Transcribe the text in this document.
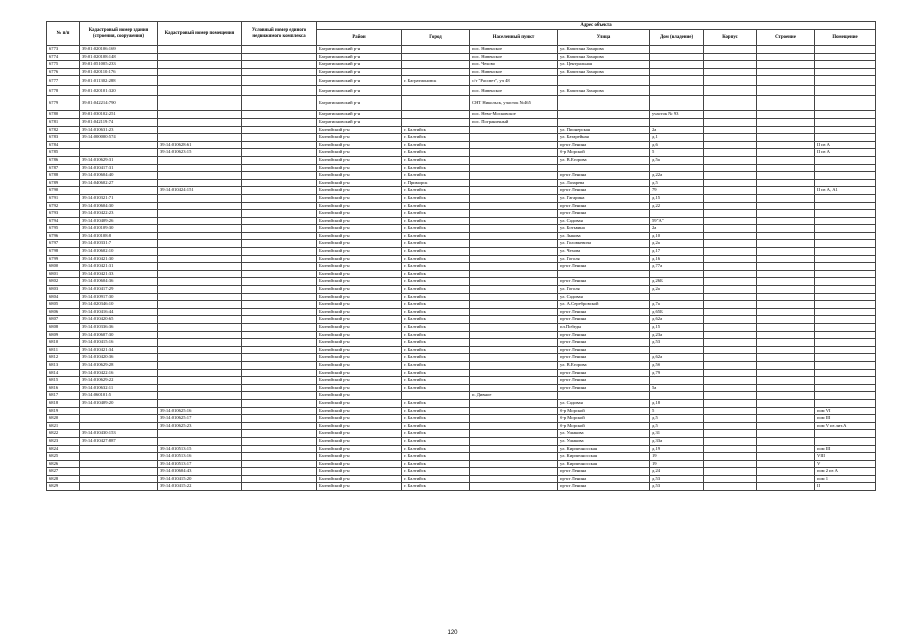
№ п/п	Кадастровый номер здания (строения, сооружения)	Кадастровый номер помещения	Условный номер единого недвижимого комплекса	Адрес объекта							
				Район	Город	Населенный пункт	Улица	Дом (владение)	Корпус	Строение	Помещение
6773	39:01:020106:169			Багратионовский р-н		пос. Нивенское	ул. Капитана Захарова				
6774	39:01:020108:148			Багратионовский р-н		пос. Нивенское	ул. Капитана Захарова				
6775	39:01:051005:233			Багратионовский р-н		пос. Чехово	ул. Центральная				
6776	39:01:020110:176			Багратионовский р-н		пос. Нивенское	ул. Капитана Захарова				
6777	39:01:011302:288			Багратионовский р-н	г. Багратионовск	с/т "Рассвет", уч 48					
6778	39:01:020101:320			Багратионовский р-н		пос. Нивенское	ул. Капитана Захарова				
6779	39:01:042214:790			Багратионовский р-н		СНТ Никольск, участок №465					
6780	39:01:030102:251			Багратионовский р-н		пос. Нево-Московское		участок № 93			
6781	39:01:042119:74			Багратионовский р-н		пос. Пограничный					
6782	39:14:010631:23			Балтийский р-н	г. Балтийск		ул. Пионерская	2а			
6783	39:14:000000:574			Балтийский р-н	г. Балтийск		ул. Батарейная	д.1			
6784		39:14:010628:61		Балтийский р-н	г. Балтийск		пр-кт Ленина	д.6			II из А
6785		39:14:010623:15		Балтийский р-н	г. Балтийск		б-р Морской	5			II из А
6786	39:14:010629:31			Балтийский р-н	г. Балтийск		ул. В.Егорова	д.5а			
6787	39:14:010417:31			Балтийский р-н	г. Балтийск						
6788	39:14:010604:40			Балтийский р-н	г. Балтийск		пр-кт Ленина	д.22а			
6789	39:14:040602:27			Балтийский р-н	г. Приморск		ул. Лазарева	д.5			
6790		39:14:010424:151		Балтийский р-н	г. Балтийск		пр-кт Ленина	79			II из А, А1
6791	39:14:010321:71			Балтийский р-н	г. Балтийск		ул. Гагарина	д.15			
6792	39:14:010604:30			Балтийский р-н	г. Балтийск		пр-кт Ленина	д.22			
6793	39:14:010422:23			Балтийский р-н	г. Балтийск		пр-кт Ленина				
6794	39:14:010409:26			Балтийский р-н	г. Балтийск		ул. Садовая	59"А"			
6795	39:14:010109:30			Балтийский р-н	г. Балтийск		ул. Ботьвина	2а			
6796	39:14:010108:8			Балтийский р-н	г. Балтийск		ул. Зыкова	д.10			
6797	39:14:010331:7			Балтийский р-н	г. Балтийск		ул. Головкевича	д.2а			
6798	39:14:010602:10			Балтийский р-н	г. Балтийск		ул. Чехова	д.17			
6799	39:14:010421:30			Балтийский р-н	г. Балтийск		ул. Гоголя	д.16			
6800	39:14:010421:31			Балтийский р-н	г. Балтийск		пр-кт Ленина	д.77а			
6801	39:14:010421:33			Балтийский р-н	г. Балтийск						
6802	39:14:010604:36			Балтийский р-н	г. Балтийск		пр-кт Ленина	д.26Б			
6803	39:14:010417:29			Балтийский р-н	г. Балтийск		ул. Гоголя	д.2а			
6804	39:14:010917:30			Балтийский р-н	г. Балтийск		ул. Садовая				
6805	39:14:020346:10			Балтийский р-н	г. Балтийск		ул. А.Серебровской	д.7а			
6806	39:14:010416:44			Балтийский р-н	г. Балтийск		пр-кт Ленина	д.65Б			
6807	39:14:010420:65			Балтийский р-н	г. Балтийск		пр-кт Ленина	д.62а			
6808	39:14:010336:36			Балтийский р-н	г. Балтийск		пл.Победы	д.15			
6809	39:14:010607:30			Балтийский р-н	г. Балтийск		пр-кт Ленина	д.23а			
6810	39:14:010415:16			Балтийский р-н	г. Балтийск		пр-кт Ленина	д.53			
6811	39:14:010421:34			Балтийский р-н	г. Балтийск		пр-кт Ленина				
6812	39:14:010420:36			Балтийский р-н	г. Балтийск		пр-кт Ленина	д.62а			
6813	39:14:010629:28			Балтийский р-н	г. Балтийск		ул. В.Егорова	д.5б			
6814	39:14:010422:16			Балтийский р-н	г. Балтийск		пр-кт Ленина	д.79			
6815	39:14:010629:22			Балтийский р-н	г. Балтийск		пр-кт Ленина				
6816	39:14:010632:11			Балтийский р-н	г. Балтийск		пр-кт Ленина	5а			
6817	39:14:060101:5			Балтийский р-н		п. Дивное					
6818	39:14:010409:20			Балтийский р-н	г. Балтийск		ул. Садовая	д.18			
6819		39:14:010625:16		Балтийский р-н	г. Балтийск		б-р Морской	5			пом VI
6820		39:14:010625:17		Балтийский р-н	г. Балтийск		б-р Морской	д.5			пом III
6821		39:14:010625:23		Балтийский р-н	г. Балтийск		б-р Морской	д.5			пом V из лит.А
6822	39:14:010430:153			Балтийский р-н	г. Балтийск		ул. Ушакова	д.31			
6823	39:14:010427:887			Балтийский р-н	г. Балтийск		ул. Ушакова	д.33а			
6824		39:14:010513:15		Балтийский р-н	г. Балтийск		ул. Кирпичносская	д.19			пом III
6825		39:14:010513:16		Балтийский р-н	г. Балтийск		ул. Кирпичносская	19			VIII
6826		39:14:010513:17		Балтийский р-н	г. Балтийск		ул. Кирпичносская	19			V
6827		39:14:010604:43		Балтийский р-н	г. Балтийск		пр-кт Ленина	д.24			пом 2 из А
6828		39:14:010415:20		Балтийский р-н	г. Балтийск		пр-кт Ленина	д.53			пом 1
6829		39:14:010415:22		Балтийский р-н	г. Балтийск		пр-кт Ленина	д.53			II
120
